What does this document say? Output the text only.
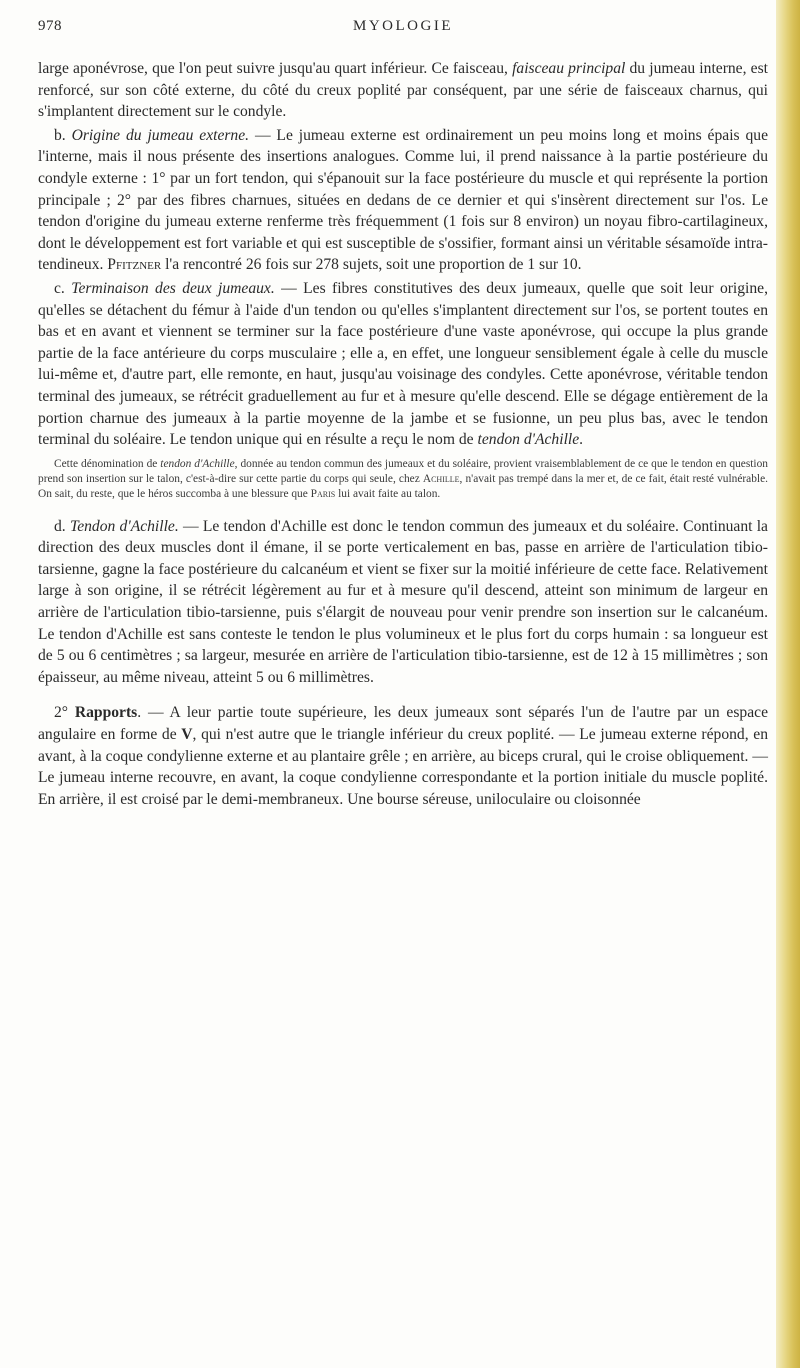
978	MYOLOGIE

large aponévrose, que l'on peut suivre jusqu'au quart inférieur. Ce faisceau, faisceau principal du jumeau interne, est renforcé, sur son côté externe, du côté du creux poplité par conséquent, par une série de faisceaux charnus, qui s'implantent directement sur le condyle.

b. Origine du jumeau externe. — Le jumeau externe est ordinairement un peu moins long et moins épais que l'interne, mais il nous présente des insertions analogues. Comme lui, il prend naissance à la partie postérieure du condyle externe : 1° par un fort tendon, qui s'épanouit sur la face postérieure du muscle et qui représente la portion principale ; 2° par des fibres charnues, situées en dedans de ce dernier et qui s'insèrent directement sur l'os. Le tendon d'origine du jumeau externe renferme très fréquemment (1 fois sur 8 environ) un noyau fibro-cartilagineux, dont le développement est fort variable et qui est susceptible de s'ossifier, formant ainsi un véritable sésamoïde intra-tendineux. Pfitzner l'a rencontré 26 fois sur 278 sujets, soit une proportion de 1 sur 10.

c. Terminaison des deux jumeaux. — Les fibres constitutives des deux jumeaux, quelle que soit leur origine, qu'elles se détachent du fémur à l'aide d'un tendon ou qu'elles s'implantent directement sur l'os, se portent toutes en bas et en avant et viennent se terminer sur la face postérieure d'une vaste aponévrose, qui occupe la plus grande partie de la face antérieure du corps musculaire ; elle a, en effet, une longueur sensiblement égale à celle du muscle lui-même et, d'autre part, elle remonte, en haut, jusqu'au voisinage des condyles. Cette aponévrose, véritable tendon terminal des jumeaux, se rétrécit graduellement au fur et à mesure qu'elle descend. Elle se dégage entièrement de la portion charnue des jumeaux à la partie moyenne de la jambe et se fusionne, un peu plus bas, avec le tendon terminal du soléaire. Le tendon unique qui en résulte a reçu le nom de tendon d'Achille.

Cette dénomination de tendon d'Achille, donnée au tendon commun des jumeaux et du soléaire, provient vraisemblablement de ce que le tendon en question prend son insertion sur le talon, c'est-à-dire sur cette partie du corps qui seule, chez Achille, n'avait pas trempé dans la mer et, de ce fait, était resté vulnérable. On sait, du reste, que le héros succomba à une blessure que Paris lui avait faite au talon.

d. Tendon d'Achille. — Le tendon d'Achille est donc le tendon commun des jumeaux et du soléaire. Continuant la direction des deux muscles dont il émane, il se porte verticalement en bas, passe en arrière de l'articulation tibio-tarsienne, gagne la face postérieure du calcanéum et vient se fixer sur la moitié inférieure de cette face. Relativement large à son origine, il se rétrécit légèrement au fur et à mesure qu'il descend, atteint son minimum de largeur en arrière de l'articulation tibio-tarsienne, puis s'élargit de nouveau pour venir prendre son insertion sur le calcanéum. Le tendon d'Achille est sans conteste le tendon le plus volumineux et le plus fort du corps humain : sa longueur est de 5 ou 6 centimètres ; sa largeur, mesurée en arrière de l'articulation tibio-tarsienne, est de 12 à 15 millimètres ; son épaisseur, au même niveau, atteint 5 ou 6 millimètres.

2° Rapports. — A leur partie toute supérieure, les deux jumeaux sont séparés l'un de l'autre par un espace angulaire en forme de V, qui n'est autre que le triangle inférieur du creux poplité. — Le jumeau externe répond, en avant, à la coque condylienne externe et au plantaire grêle ; en arrière, au biceps crural, qui le croise obliquement. — Le jumeau interne recouvre, en avant, la coque condylienne correspondante et la portion initiale du muscle poplité. En arrière, il est croisé par le demi-membraneux. Une bourse séreuse, uniloculaire ou cloisonnée
